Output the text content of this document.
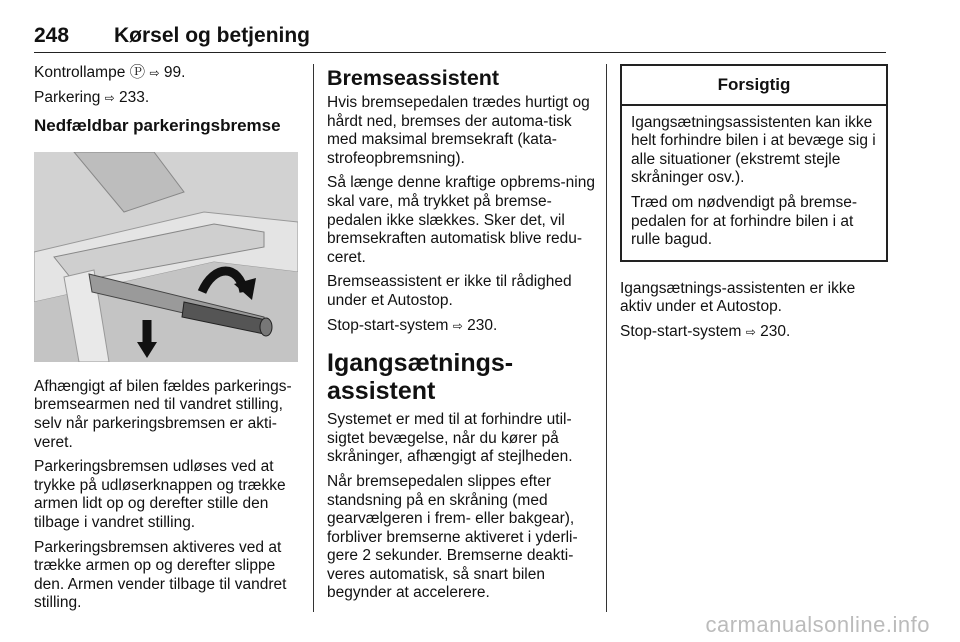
248 Kørsel og betjening

Kontrollampe Ⓟ ⇨ 99.

Parkering ⇨ 233.

Nedfældbar parkeringsbremse

Afhængigt af bilen fældes parkerings-bremsearmen ned til vandret stilling, selv når parkeringsbremsen er akti-veret.

Parkeringsbremsen udløses ved at trykke på udløserknappen og trække armen lidt op og derefter stille den tilbage i vandret stilling.

Parkeringsbremsen aktiveres ved at trække armen op og derefter slippe den. Armen vender tilbage til vandret stilling.

Bremseassistent

Hvis bremsepedalen trædes hurtigt og hårdt ned, bremses der automa-tisk med maksimal bremsekraft (kata-strofeopbremsning).

Så længe denne kraftige opbrems-ning skal vare, må trykket på bremse-pedalen ikke slækkes. Sker det, vil bremsekraften automatisk blive redu-ceret.

Bremseassistent er ikke til rådighed under et Autostop.

Stop-start-system ⇨ 230.

Igangsætnings-assistent

Systemet er med til at forhindre util-sigtet bevægelse, når du kører på skråninger, afhængigt af stejlheden.

Når bremsepedalen slippes efter standsning på en skråning (med gearvælgeren i frem- eller bakgear), forbliver bremserne aktiveret i yderli-gere 2 sekunder. Bremserne deakti-veres automatisk, så snart bilen begynder at accelerere.

Forsigtig

Igangsætningsassistenten kan ikke helt forhindre bilen i at bevæge sig i alle situationer (ekstremt stejle skråninger osv.).

Træd om nødvendigt på bremse-pedalen for at forhindre bilen i at rulle bagud.

Igangsætnings-assistenten er ikke aktiv under et Autostop.

Stop-start-system ⇨ 230.

carmanualsonline.info
